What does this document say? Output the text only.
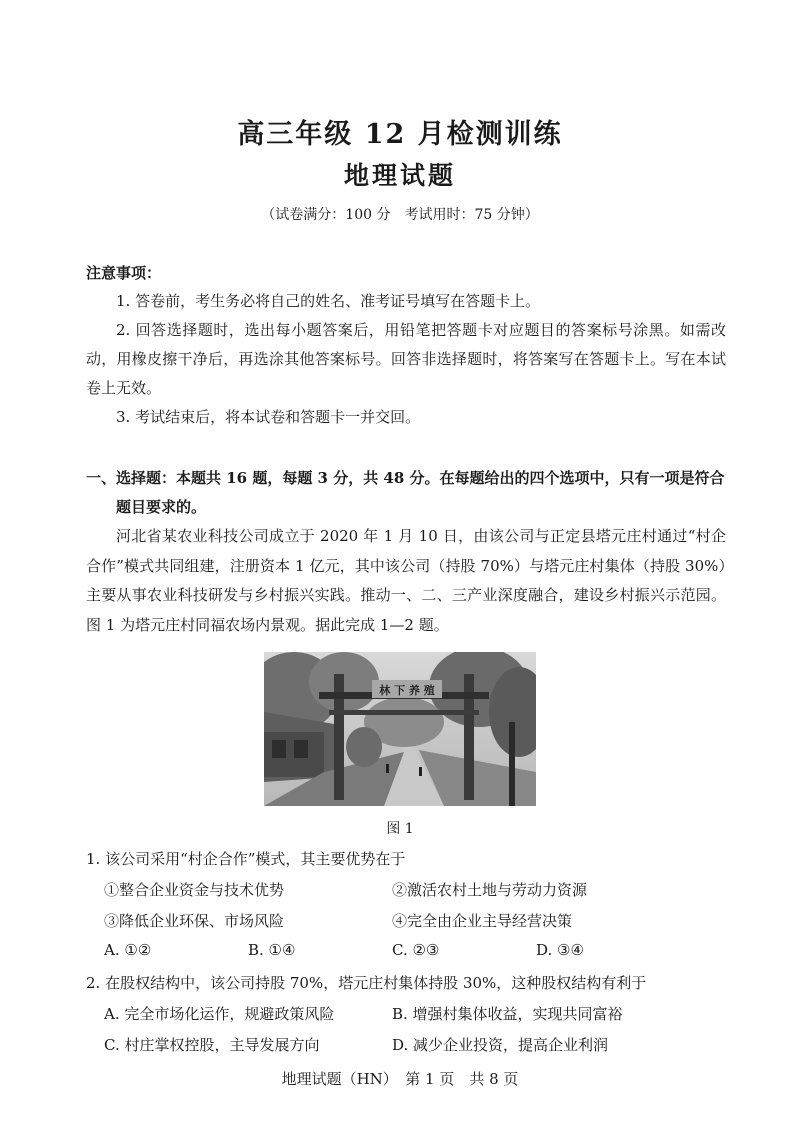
高三年级 12 月检测训练
地理试题
（试卷满分：100 分　考试用时：75 分钟）
注意事项：
1. 答卷前，考生务必将自己的姓名、准考证号填写在答题卡上。
2. 回答选择题时，选出每小题答案后，用铅笔把答题卡对应题目的答案标号涂黑。如需改动，用橡皮擦干净后，再选涂其他答案标号。回答非选择题时，将答案写在答题卡上。写在本试卷上无效。
3. 考试结束后，将本试卷和答题卡一并交回。
一、选择题：本题共 16 题，每题 3 分，共 48 分。在每题给出的四个选项中，只有一项是符合题目要求的。
河北省某农业科技公司成立于 2020 年 1 月 10 日，由该公司与正定县塔元庄村通过“村企合作”模式共同组建，注册资本 1 亿元，其中该公司（持股 70%）与塔元庄村集体（持股 30%）主要从事农业科技研发与乡村振兴实践。推动一、二、三产业深度融合，建设乡村振兴示范园。图 1 为塔元庄村同福农场内景观。据此完成 1—2 题。
林 下 养 殖
图 1
1. 该公司采用“村企合作”模式，其主要优势在于
①整合企业资金与技术优势	②激活农村土地与劳动力资源
③降低企业环保、市场风险	④完全由企业主导经营决策
A. ①②	B. ①④	C. ②③	D. ③④
2. 在股权结构中，该公司持股 70%，塔元庄村集体持股 30%，这种股权结构有利于
A. 完全市场化运作，规避政策风险	B. 增强村集体收益，实现共同富裕
C. 村庄掌权控股，主导发展方向	D. 减少企业投资，提高企业利润
地理试题（HN）　第 1 页　共 8 页
